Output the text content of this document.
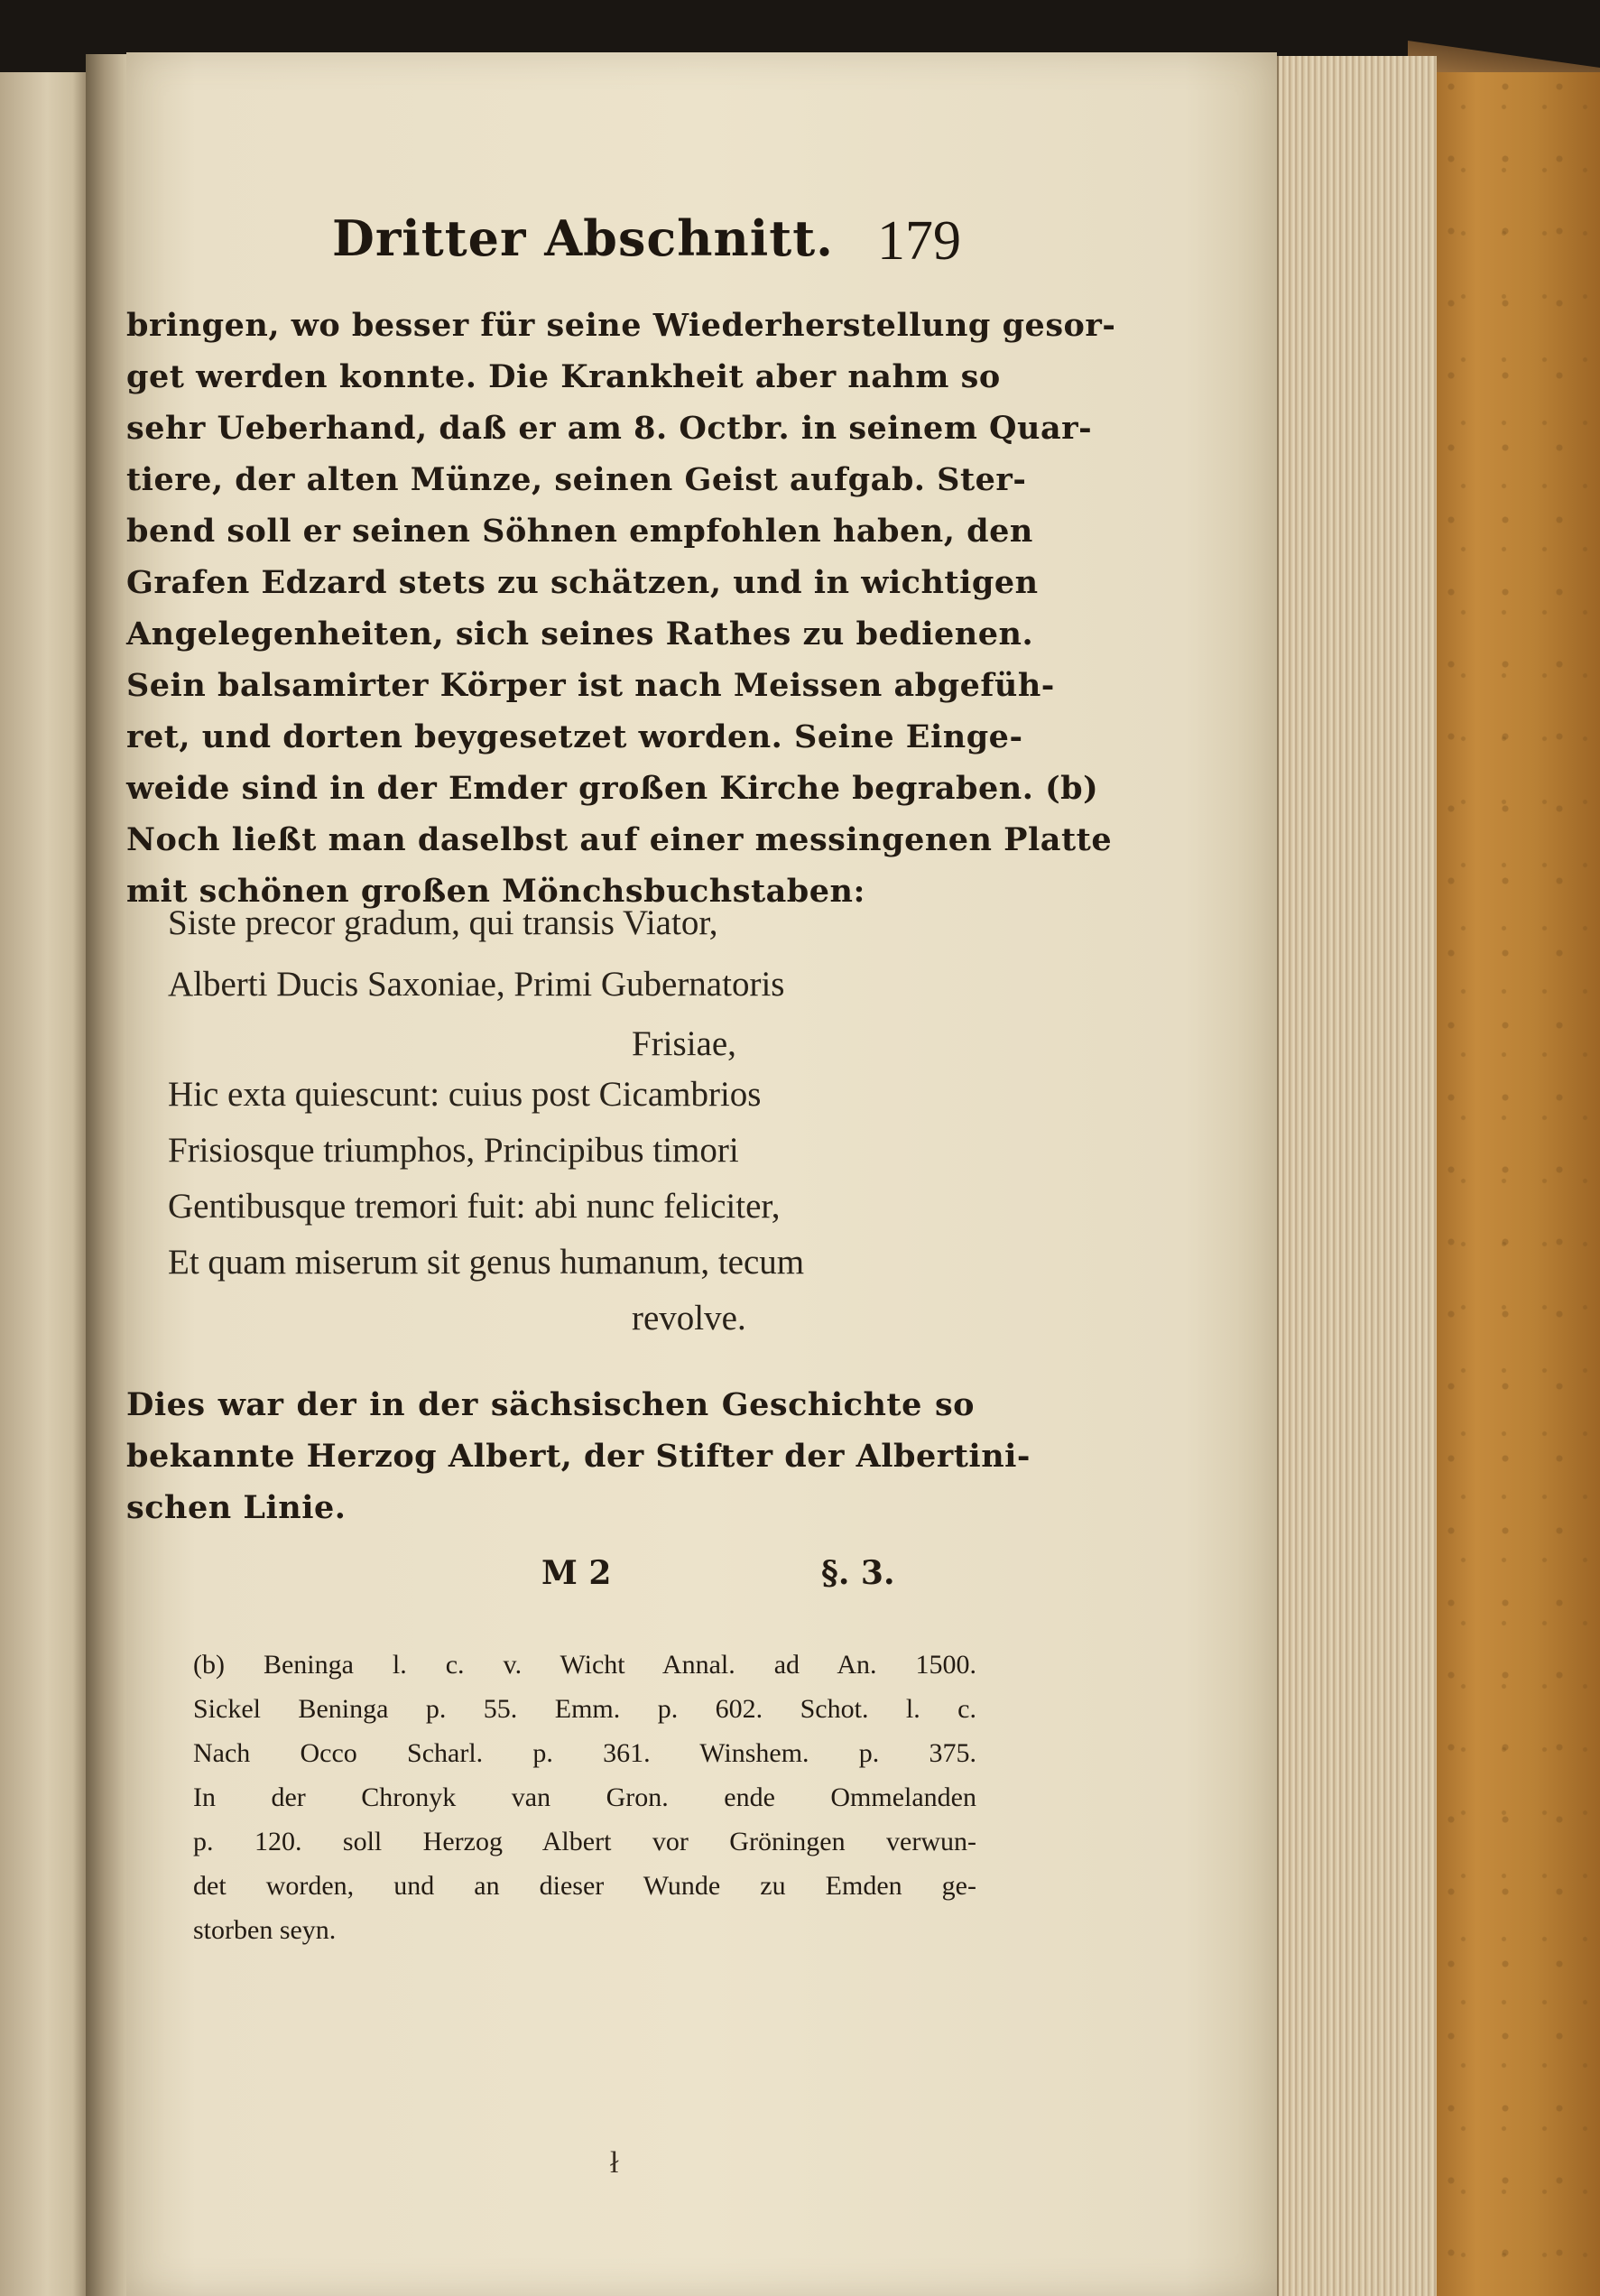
Dritter Abschnitt. 179
bringen, wo besser für seine Wiederherstellung gesor-
get werden konnte. Die Krankheit aber nahm so
sehr Ueberhand, daß er am 8. Octbr. in seinem Quar-
tiere, der alten Münze, seinen Geist aufgab. Ster-
bend soll er seinen Söhnen empfohlen haben, den
Grafen Edzard stets zu schätzen, und in wichtigen
Angelegenheiten, sich seines Rathes zu bedienen.
Sein balsamirter Körper ist nach Meissen abgefüh-
ret, und dorten beygesetzet worden. Seine Einge-
weide sind in der Emder großen Kirche begraben. (b)
Noch ließt man daselbst auf einer messingenen Platte
mit schönen großen Mönchsbuchstaben:
Siste precor gradum, qui transis Viator,
Alberti Ducis Saxoniae, Primi Gubernatoris
Frisiae,
Hic exta quiescunt: cuius post Cicambrios
Frisiosque triumphos, Principibus timori
Gentibusque tremori fuit: abi nunc feliciter,
Et quam miserum sit genus humanum, tecum
revolve.
Dies war der in der sächsischen Geschichte so
bekannte Herzog Albert, der Stifter der Albertini-
schen Linie.
M 2	§. 3.
(b) Beninga l. c. v. Wicht Annal. ad An. 1500.
Sickel Beninga p. 55. Emm. p. 602. Schot. l. c.
Nach Occo Scharl. p. 361. Winshem. p. 375.
In der Chronyk van Gron. ende Ommelanden
p. 120. soll Herzog Albert vor Gröningen verwun-
det worden, und an dieser Wunde zu Emden ge-
storben seyn.
ł
